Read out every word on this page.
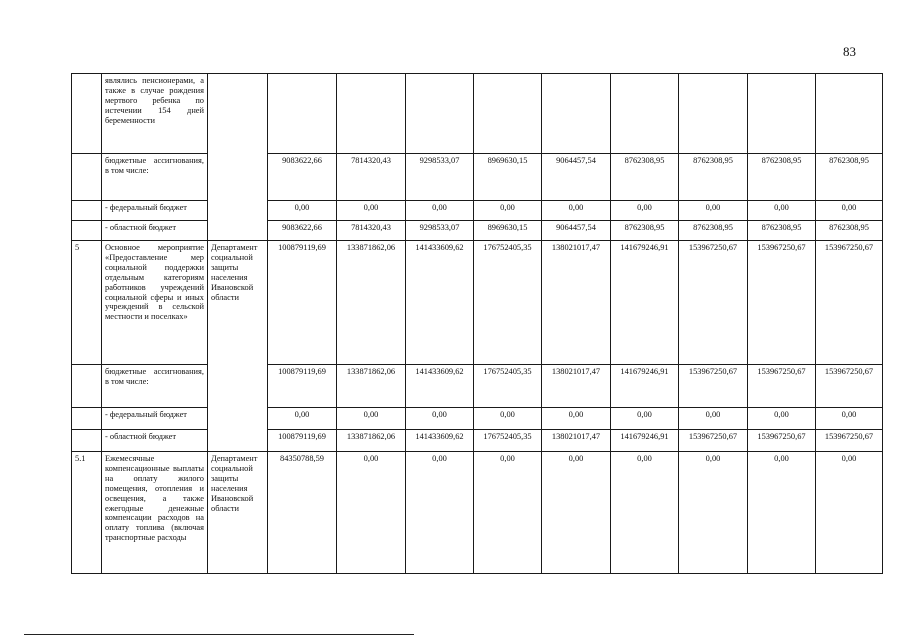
83
	являлись пенсионерами, а также в случае рождения мертвого ребенка по истечении 154 дней беременности										
	бюджетные ассигнования, в том числе:		9083622,66	7814320,43	9298533,07	8969630,15	9064457,54	8762308,95	8762308,95	8762308,95	8762308,95
	- федеральный бюджет		0,00	0,00	0,00	0,00	0,00	0,00	0,00	0,00	0,00
	- областной бюджет		9083622,66	7814320,43	9298533,07	8969630,15	9064457,54	8762308,95	8762308,95	8762308,95	8762308,95
5	Основное мероприятие «Предоставление мер социальной поддержки отдельным категориям работников учреждений социальной сферы и иных учреждений в сельской местности и поселках»	Департамент социальной защиты населения Ивановской области	100879119,69	133871862,06	141433609,62	176752405,35	138021017,47	141679246,91	153967250,67	153967250,67	153967250,67
	бюджетные ассигнования, в том числе:		100879119,69	133871862,06	141433609,62	176752405,35	138021017,47	141679246,91	153967250,67	153967250,67	153967250,67
	- федеральный бюджет		0,00	0,00	0,00	0,00	0,00	0,00	0,00	0,00	0,00
	- областной бюджет		100879119,69	133871862,06	141433609,62	176752405,35	138021017,47	141679246,91	153967250,67	153967250,67	153967250,67
5.1	Ежемесячные компенсационные выплаты на оплату жилого помещения, отопления и освещения, а также ежегодные денежные компенсации расходов на оплату топлива (включая транспортные расходы	Департамент социальной защиты населения Ивановской области	84350788,59	0,00	0,00	0,00	0,00	0,00	0,00	0,00	0,00
